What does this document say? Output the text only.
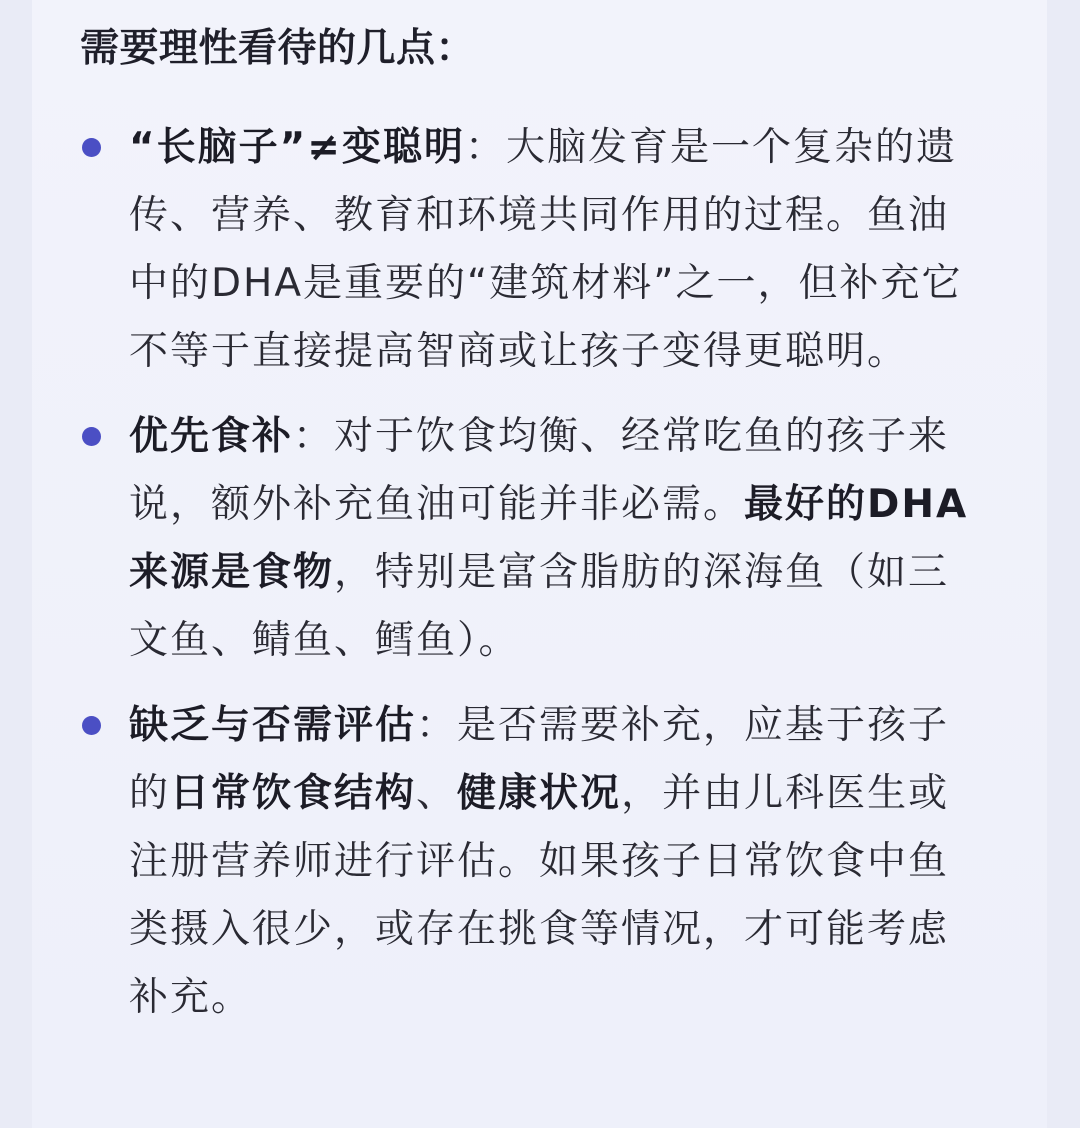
需要理性看待的几点：
“长脑子”≠变聪明：大脑发育是一个复杂的遗传、营养、教育和环境共同作用的过程。鱼油中的DHA是重要的“建筑材料”之一，但补充它不等于直接提高智商或让孩子变得更聪明。
优先食补：对于饮食均衡、经常吃鱼的孩子来说，额外补充鱼油可能并非必需。最好的DHA来源是食物，特别是富含脂肪的深海鱼（如三文鱼、鲭鱼、鳕鱼）。
缺乏与否需评估：是否需要补充，应基于孩子的日常饮食结构、健康状况，并由儿科医生或注册营养师进行评估。如果孩子日常饮食中鱼类摄入很少，或存在挑食等情况，才可能考虑补充。
